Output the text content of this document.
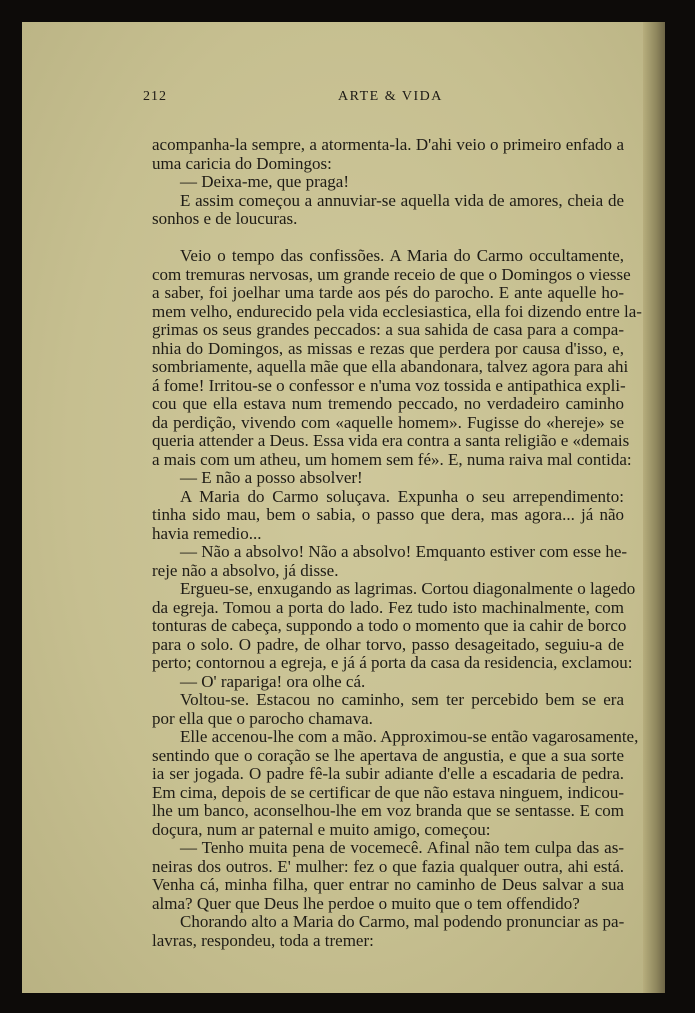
212	ARTE & VIDA
acompanha-la sempre, a atormenta-la. D'ahi veio o primeiro enfado a
uma caricia do Domingos:
— Deixa-me, que praga!
E assim começou a annuviar-se aquella vida de amores, cheia de
sonhos e de loucuras.
Veio o tempo das confissões. A Maria do Carmo occultamente,
com tremuras nervosas, um grande receio de que o Domingos o viesse
a saber, foi joelhar uma tarde aos pés do parocho. E ante aquelle ho-
mem velho, endurecido pela vida ecclesiastica, ella foi dizendo entre la-
grimas os seus grandes peccados: a sua sahida de casa para a compa-
nhia do Domingos, as missas e rezas que perdera por causa d'isso, e,
sombriamente, aquella mãe que ella abandonara, talvez agora para ahi
á fome! Irritou-se o confessor e n'uma voz tossida e antipathica expli-
cou que ella estava num tremendo peccado, no verdadeiro caminho
da perdição, vivendo com «aquelle homem». Fugisse do «hereje» se
queria attender a Deus. Essa vida era contra a santa religião e «demais
a mais com um atheu, um homem sem fé». E, numa raiva mal contida:
— E não a posso absolver!
A Maria do Carmo soluçava. Expunha o seu arrependimento:
tinha sido mau, bem o sabia, o passo que dera, mas agora... já não
havia remedio...
— Não a absolvo! Não a absolvo! Emquanto estiver com esse he-
reje não a absolvo, já disse.
Ergueu-se, enxugando as lagrimas. Cortou diagonalmente o lagedo
da egreja. Tomou a porta do lado. Fez tudo isto machinalmente, com
tonturas de cabeça, suppondo a todo o momento que ia cahir de borco
para o solo. O padre, de olhar torvo, passo desageitado, seguiu-a de
perto; contornou a egreja, e já á porta da casa da residencia, exclamou:
— O' rapariga! ora olhe cá.
Voltou-se. Estacou no caminho, sem ter percebido bem se era
por ella que o parocho chamava.
Elle accenou-lhe com a mão. Approximou-se então vagarosamente,
sentindo que o coração se lhe apertava de angustia, e que a sua sorte
ia ser jogada. O padre fê-la subir adiante d'elle a escadaria de pedra.
Em cima, depois de se certificar de que não estava ninguem, indicou-
lhe um banco, aconselhou-lhe em voz branda que se sentasse. E com
doçura, num ar paternal e muito amigo, começou:
— Tenho muita pena de vocemecê. Afinal não tem culpa das as-
neiras dos outros. E' mulher: fez o que fazia qualquer outra, ahi está.
Venha cá, minha filha, quer entrar no caminho de Deus salvar a sua
alma? Quer que Deus lhe perdoe o muito que o tem offendido?
Chorando alto a Maria do Carmo, mal podendo pronunciar as pa-
lavras, respondeu, toda a tremer:
